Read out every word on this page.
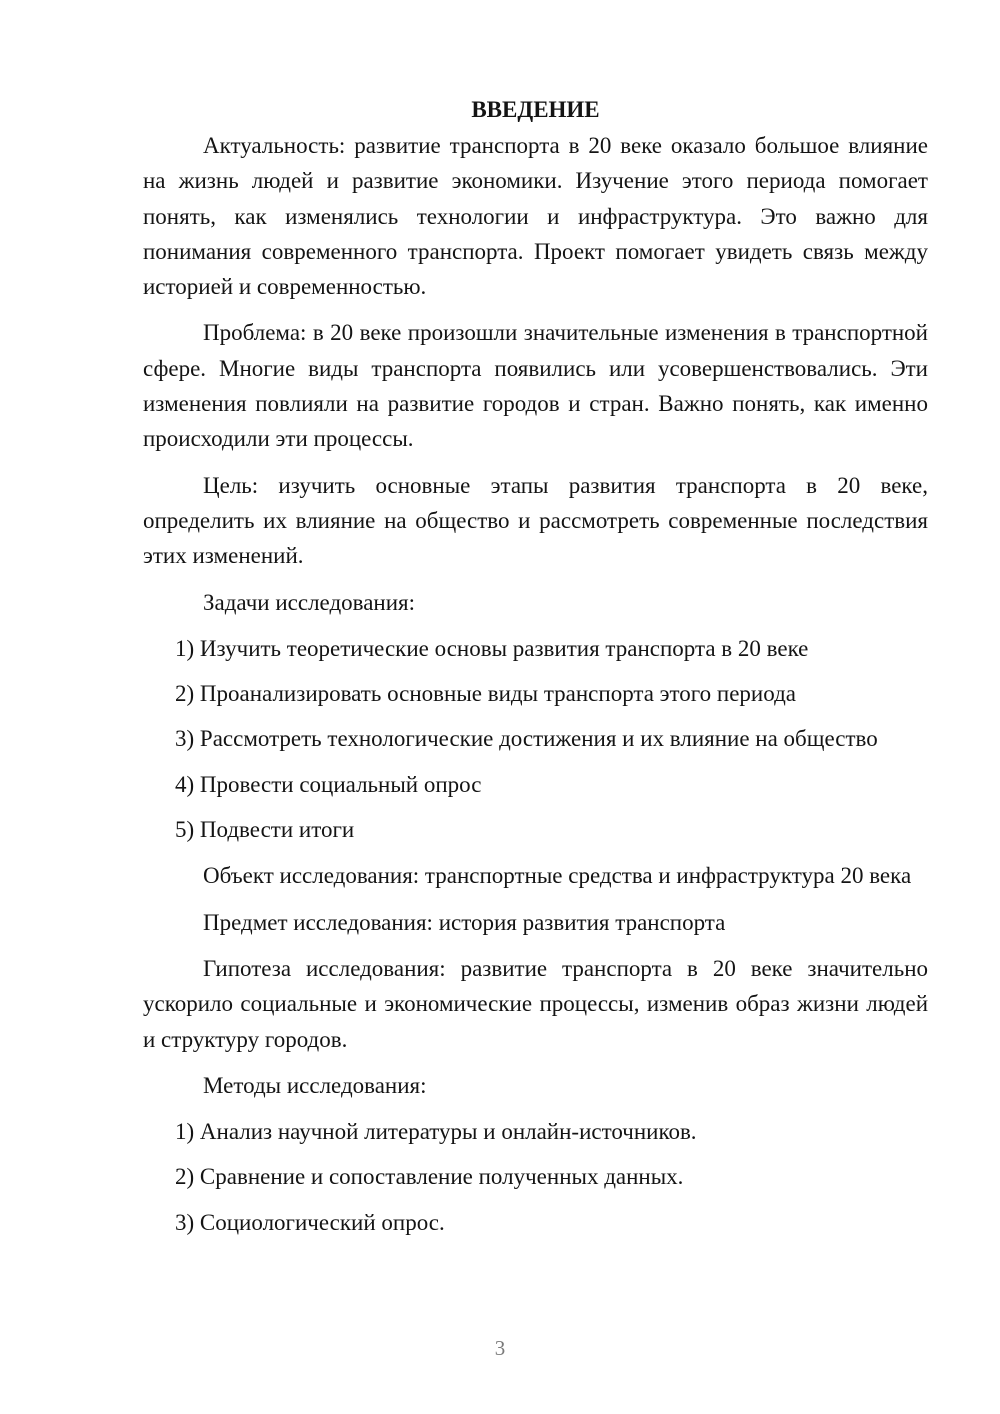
ВВЕДЕНИЕ

Актуальность: развитие транспорта в 20 веке оказало большое влияние на жизнь людей и развитие экономики. Изучение этого периода помогает понять, как изменялись технологии и инфраструктура. Это важно для понимания современного транспорта. Проект помогает увидеть связь между историей и современностью.

Проблема: в 20 веке произошли значительные изменения в транспортной сфере. Многие виды транспорта появились или усовершенствовались. Эти изменения повлияли на развитие городов и стран. Важно понять, как именно происходили эти процессы.

Цель: изучить основные этапы развития транспорта в 20 веке, определить их влияние на общество и рассмотреть современные последствия этих изменений.

Задачи исследования:

1) Изучить теоретические основы развития транспорта в 20 веке
2) Проанализировать основные виды транспорта этого периода
3) Рассмотреть технологические достижения и их влияние на общество
4) Провести социальный опрос
5) Подвести итоги

Объект исследования: транспортные средства и инфраструктура 20 века

Предмет исследования: история развития транспорта

Гипотеза исследования: развитие транспорта в 20 веке значительно ускорило социальные и экономические процессы, изменив образ жизни людей и структуру городов.

Методы исследования:

1) Анализ научной литературы и онлайн-источников.
2) Сравнение и сопоставление полученных данных.
3) Социологический опрос.
3
